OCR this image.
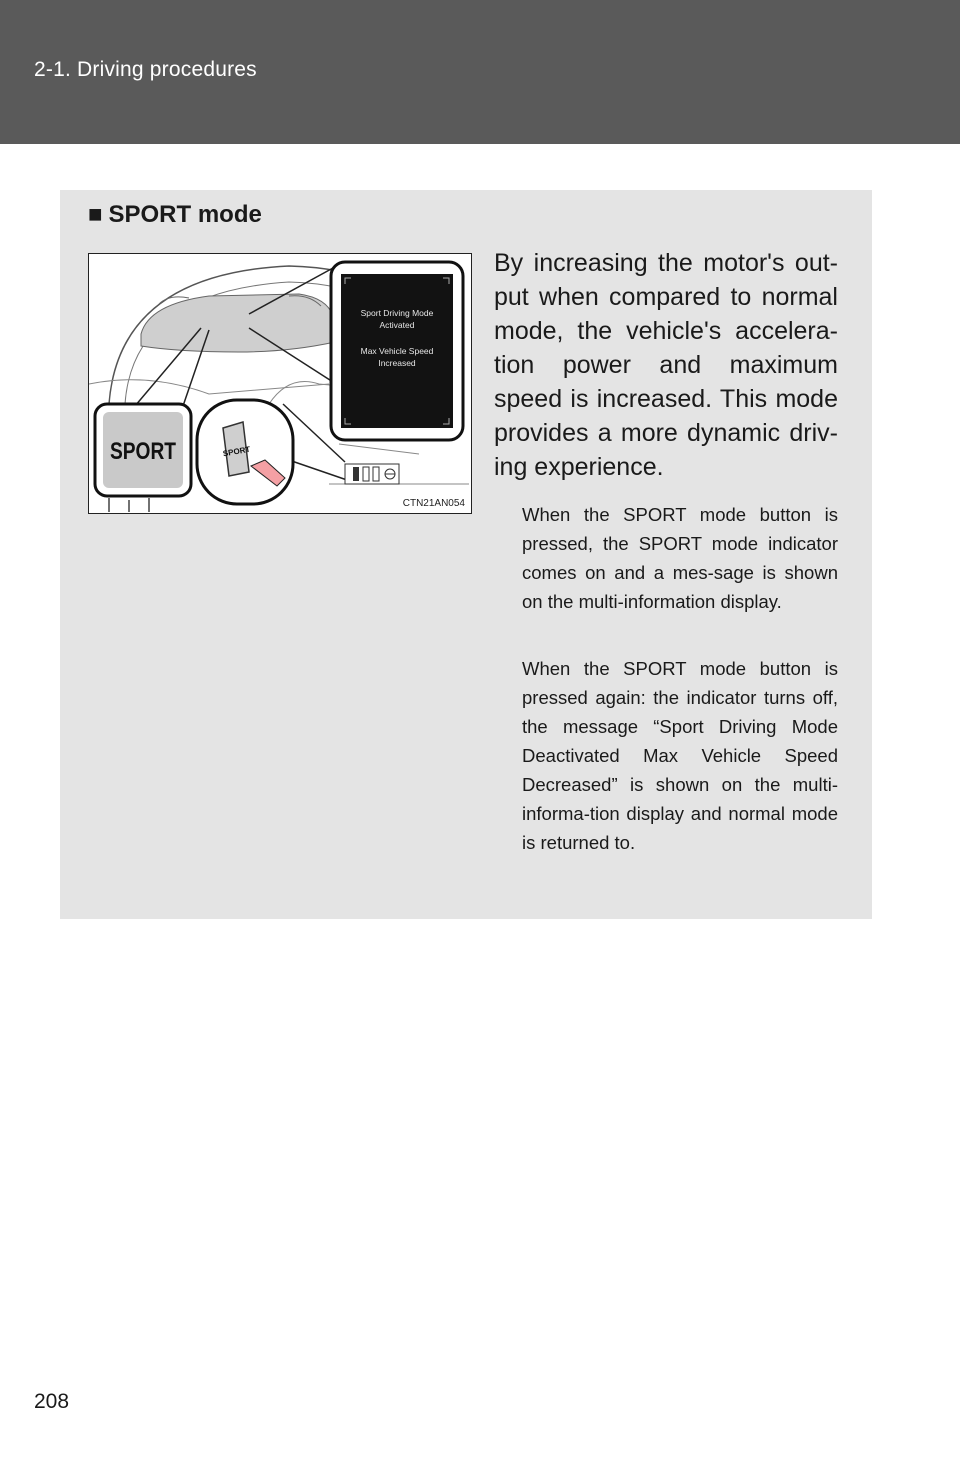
2-1. Driving procedures
■ SPORT mode
Sport Driving Mode
Activated
Max Vehicle Speed
Increased
SPORT	SPORT
CTN21AN054

By increasing the motor's out-put when compared to normal mode, the vehicle's accelera-tion power and maximum speed is increased. This mode provides a more dynamic driv-ing experience.

When the SPORT mode button is pressed, the SPORT mode indicator comes on and a mes-sage is shown on the multi-information display.

When the SPORT mode button is pressed again: the indicator turns off, the message “Sport Driving Mode Deactivated Max Vehicle Speed Decreased” is shown on the multi-informa-tion display and normal mode is returned to.

208
carmanualsonline.info
